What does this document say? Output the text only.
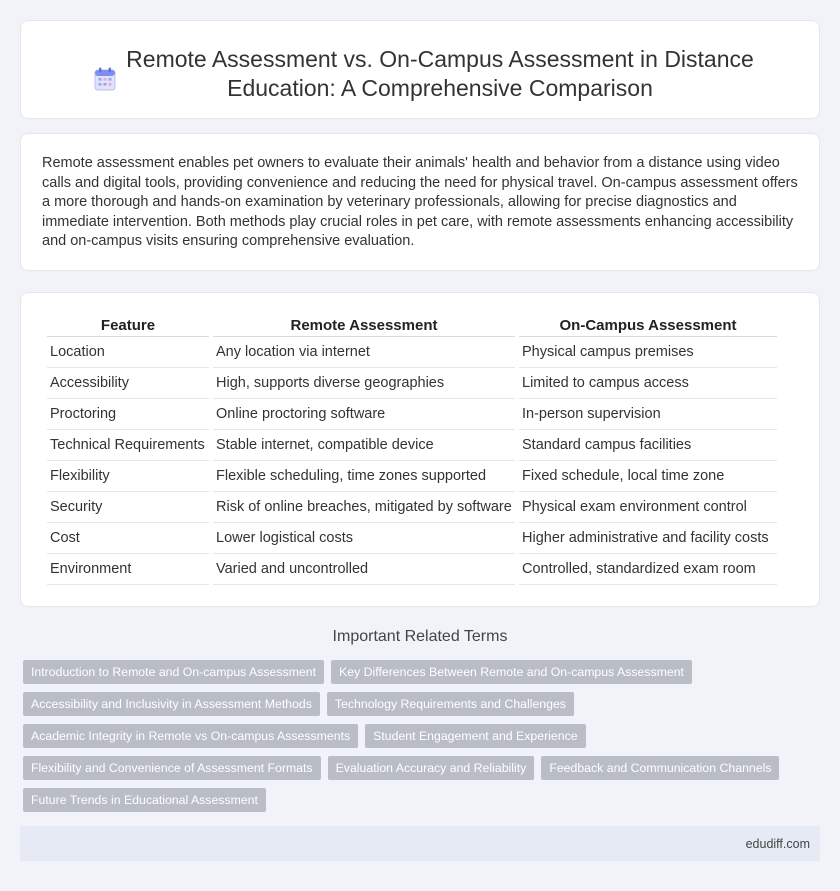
Remote Assessment vs. On-Campus Assessment in Distance Education: A Comprehensive Comparison

Remote assessment enables pet owners to evaluate their animals' health and behavior from a distance using video calls and digital tools, providing convenience and reducing the need for physical travel. On-campus assessment offers a more thorough and hands-on examination by veterinary professionals, allowing for precise diagnostics and immediate intervention. Both methods play crucial roles in pet care, with remote assessments enhancing accessibility and on-campus visits ensuring comprehensive evaluation.

Feature	Remote Assessment	On-Campus Assessment
Location	Any location via internet	Physical campus premises
Accessibility	High, supports diverse geographies	Limited to campus access
Proctoring	Online proctoring software	In-person supervision
Technical Requirements	Stable internet, compatible device	Standard campus facilities
Flexibility	Flexible scheduling, time zones supported	Fixed schedule, local time zone
Security	Risk of online breaches, mitigated by software	Physical exam environment control
Cost	Lower logistical costs	Higher administrative and facility costs
Environment	Varied and uncontrolled	Controlled, standardized exam room
Important Related Terms
Introduction to Remote and On-campus Assessment	Key Differences Between Remote and On-campus Assessment
Accessibility and Inclusivity in Assessment Methods	Technology Requirements and Challenges
Academic Integrity in Remote vs On-campus Assessments	Student Engagement and Experience
Flexibility and Convenience of Assessment Formats	Evaluation Accuracy and Reliability	Feedback and Communication Channels
Future Trends in Educational Assessment
edudiff.com
